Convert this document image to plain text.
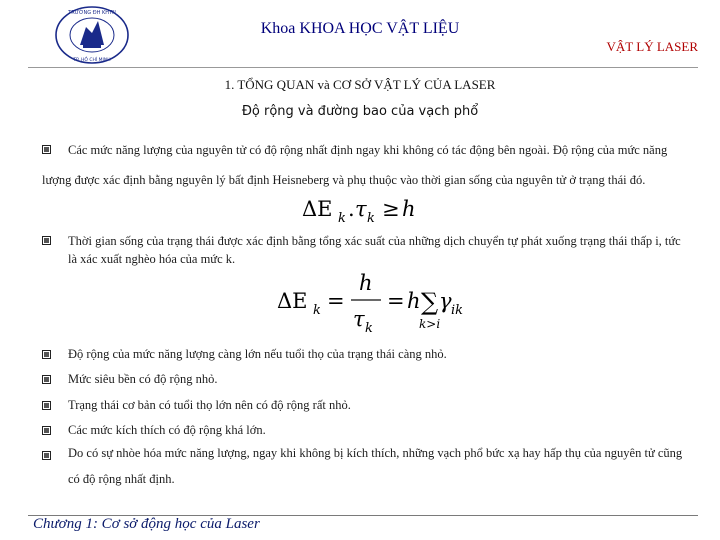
TRƯỜNG ĐH KHTN
TP. HỒ CHÍ MINH
Khoa KHOA HỌC VẬT LIỆU
VẬT LÝ LASER
1. TỔNG QUAN và CƠ SỞ VẬT LÝ CỦA LASER
Độ rộng và đường bao của vạch phổ
Các mức năng lượng của nguyên tử có độ rộng nhất định ngay khi không có tác động bên ngoài. Độ rộng của mức năng lượng được xác định bằng nguyên lý bất định Heisneberg và phụ thuộc vào thời gian sống của nguyên tử ở trạng thái đó.
ΔE k . τ k ≥ h
Thời gian sống của trạng thái được xác định bằng tổng xác suất của những dịch chuyển tự phát xuống trạng thái thấp i, tức là xác xuất nghèo hóa của mức k.
ΔE k =
h
τ k
= h ∑ γ ik
k>i
Độ rộng của mức năng lượng càng lớn nếu tuổi thọ của trạng thái càng nhỏ.
Mức siêu bền có độ rộng nhỏ.
Trạng thái cơ bản có tuổi thọ lớn nên có độ rộng rất nhỏ.
Các mức kích thích có độ rộng khá lớn.
Do có sự nhòe hóa mức năng lượng, ngay khi không bị kích thích, những vạch phổ bức xạ hay hấp thụ của nguyên tử cũng có độ rộng nhất định.
Chương 1: Cơ sở động học của Laser
